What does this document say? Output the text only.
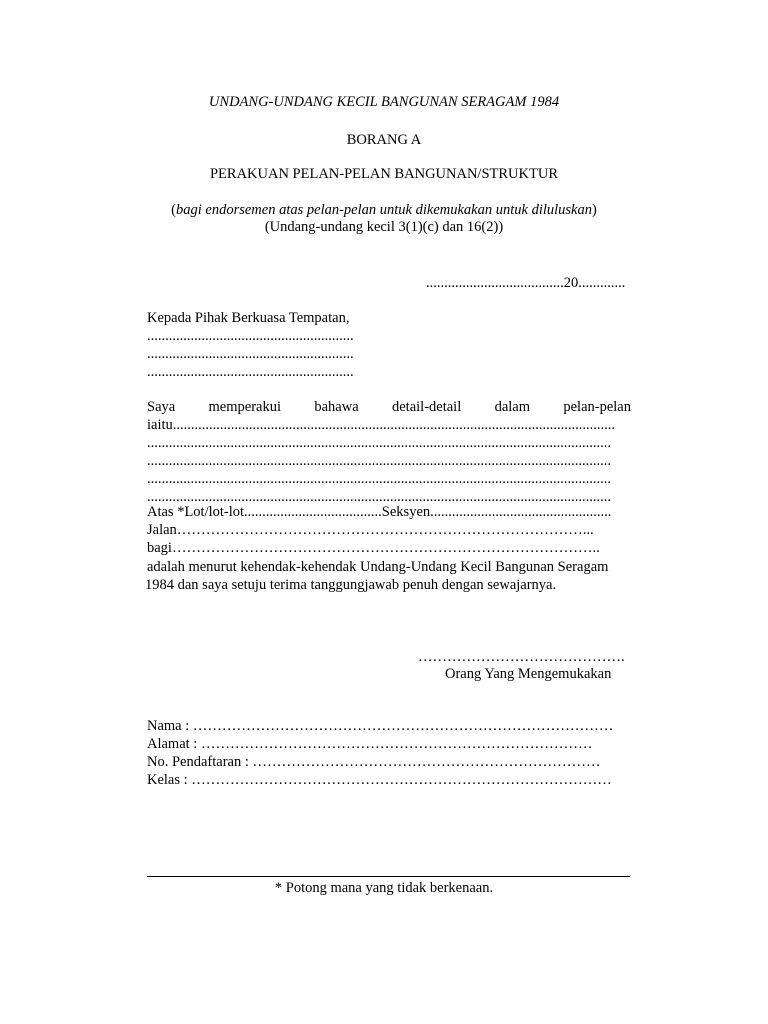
UNDANG-UNDANG KECIL BANGUNAN SERAGAM 1984
BORANG A
PERAKUAN PELAN-PELAN BANGUNAN/STRUKTUR
(bagi endorsemen atas pelan-pelan untuk dikemukakan untuk diluluskan)
(Undang-undang kecil 3(1)(c) dan 16(2))
......................................20.............
Kepada Pihak Berkuasa Tempatan,
.........................................................
.........................................................
.........................................................
Saya memperakui bahawa detail-detail dalam pelan-pelan
iaitu..........................................................................................................................
................................................................................................................................
................................................................................................................................
................................................................................................................................
................................................................................................................................
Atas *Lot/lot-lot......................................Seksyen..................................................
Jalan…………………………………………………………………………...
bagi……………………………………………………………………………..
adalah menurut kehendak-kehendak Undang-Undang Kecil Bangunan Seragam
1984 dan saya setuju terima tanggungjawab penuh dengan sewajarnya.
…………………………………….
Orang Yang Mengemukakan
Nama : ……………………………………………………………………………
Alamat : ………………………………………………………………………
No. Pendaftaran : ………………………………………………………………
Kelas : ……………………………………………………………………………
* Potong mana yang tidak berkenaan.
